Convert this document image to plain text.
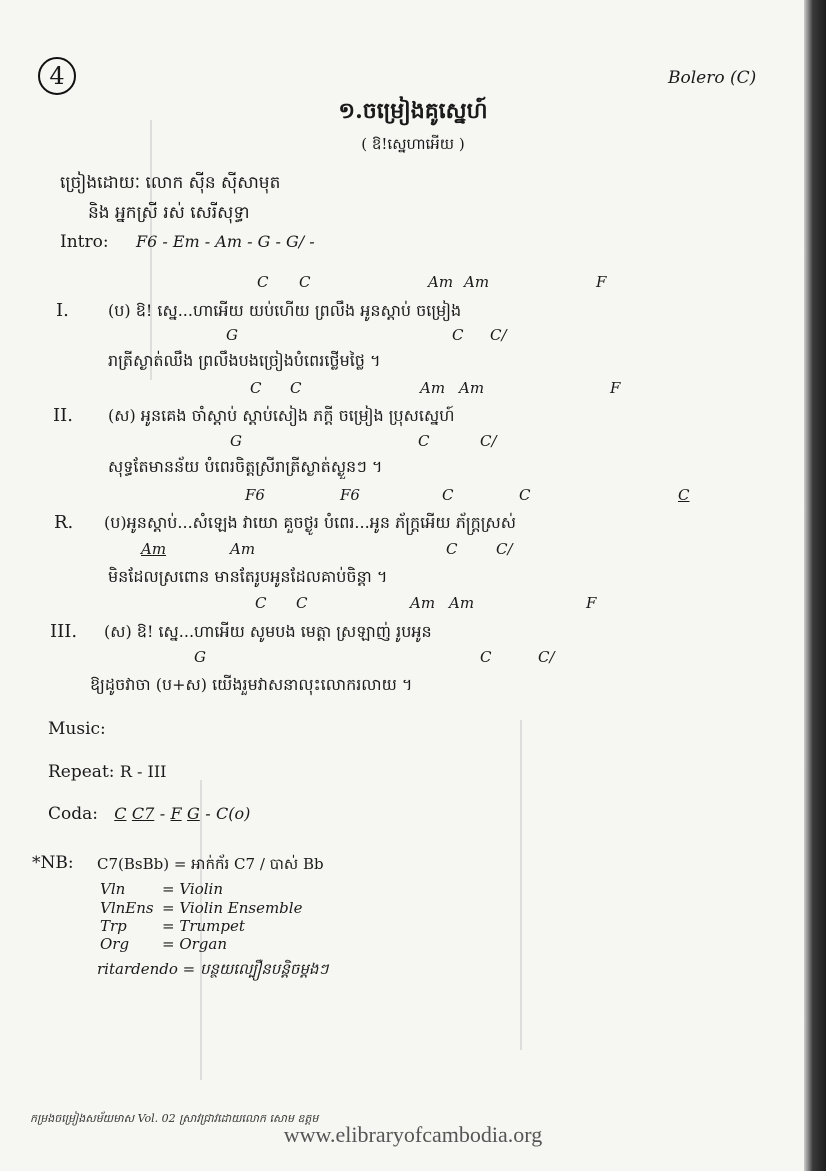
4	Bolero (C)
១.ចម្រៀងគូស្នេហ៍
( ឱ!ស្នេហាអើយ )
ច្រៀងដោយៈ លោក ស៊ីន ស៊ីសាមុត
និង អ្នកស្រី រស់ សេរីសុទ្ធា
Intro: F6 - Em - Am - G - G/ -
C C	Am Am	F
I. (ប) ឱ! ស្នេ...ហាអើយ យប់ហើយ ព្រលឹង អូនស្តាប់ ចម្រៀង
G	C C/
រាត្រីស្ងាត់ឈឹង ព្រលឹងបងច្រៀងបំពេរថ្លើមថ្លៃ ។
C C	Am Am	F
II. (ស) អូនគេង ចាំស្តាប់ ស្តាប់សៀង ភក្តី ចម្រៀង ប្រុសស្នេហ៍
G	C	C/
សុទ្ធតែមានន័យ បំពេរចិត្តស្រីរាត្រីស្ងាត់ស្ងួនៗ ។
F6	F6	C	C	C
R. (ប)អូនស្តាប់...សំឡេង វាយោ គួចថ្ងូរ បំពេរ...អូន ភ័ក្ត្រអើយ ភ័ក្ត្រស្រស់
Am	Am	C	C/
មិនដែលស្រពោន មានតែរូបអូនដែលគាប់ចិន្តា ។
C C	Am Am	F
III. (ស) ឱ! ស្នេ...ហាអើយ សូមបង មេត្តា ស្រឡាញ់ រូបអូន
G	C	C/
ឱ្យដូចវាចា (ប+ស) យើងរួមវាសនាលុះលោករលាយ ។
Music:
Repeat: R - III
Coda: C C7 - F G - C(o)
*NB: C7(BsBb) = អាក់ក័រ C7 / បាស់ Bb
Vln = Violin
VlnEns = Violin Ensemble
Trp = Trumpet
Org = Organ
ritardendo = បន្ថយល្បឿនបន្តិចម្តងៗ
កម្រងចម្រៀងសម័យមាស Vol. 02 ស្រាវជ្រាវដោយលោក សោម ឧត្តម
www.elibraryofcambodia.org
